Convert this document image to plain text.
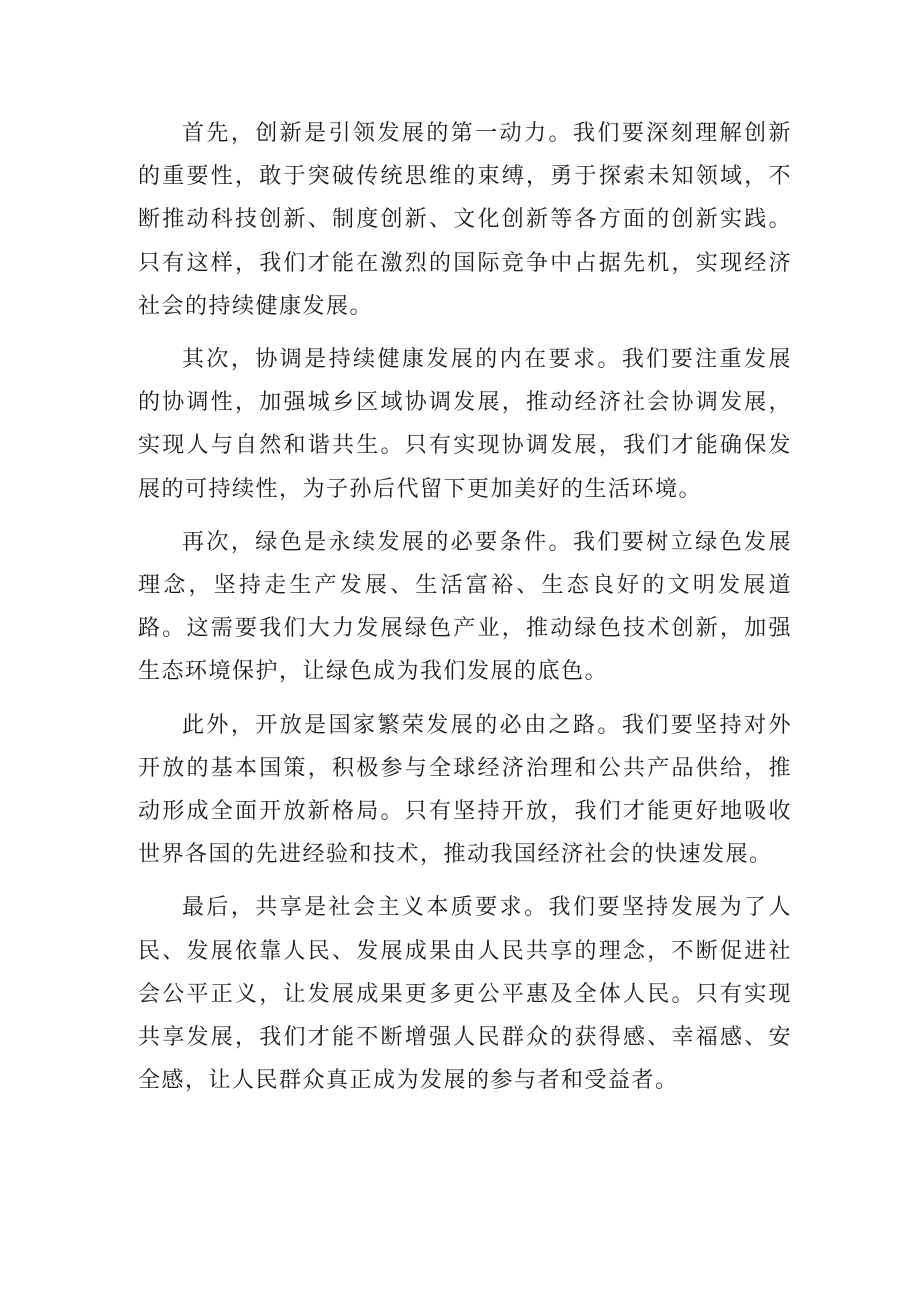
首先，创新是引领发展的第一动力。我们要深刻理解创新的重要性，敢于突破传统思维的束缚，勇于探索未知领域，不断推动科技创新、制度创新、文化创新等各方面的创新实践。只有这样，我们才能在激烈的国际竞争中占据先机，实现经济社会的持续健康发展。

其次，协调是持续健康发展的内在要求。我们要注重发展的协调性，加强城乡区域协调发展，推动经济社会协调发展，实现人与自然和谐共生。只有实现协调发展，我们才能确保发展的可持续性，为子孙后代留下更加美好的生活环境。

再次，绿色是永续发展的必要条件。我们要树立绿色发展理念，坚持走生产发展、生活富裕、生态良好的文明发展道路。这需要我们大力发展绿色产业，推动绿色技术创新，加强生态环境保护，让绿色成为我们发展的底色。

此外，开放是国家繁荣发展的必由之路。我们要坚持对外开放的基本国策，积极参与全球经济治理和公共产品供给，推动形成全面开放新格局。只有坚持开放，我们才能更好地吸收世界各国的先进经验和技术，推动我国经济社会的快速发展。

最后，共享是社会主义本质要求。我们要坚持发展为了人民、发展依靠人民、发展成果由人民共享的理念，不断促进社会公平正义，让发展成果更多更公平惠及全体人民。只有实现共享发展，我们才能不断增强人民群众的获得感、幸福感、安全感，让人民群众真正成为发展的参与者和受益者。
